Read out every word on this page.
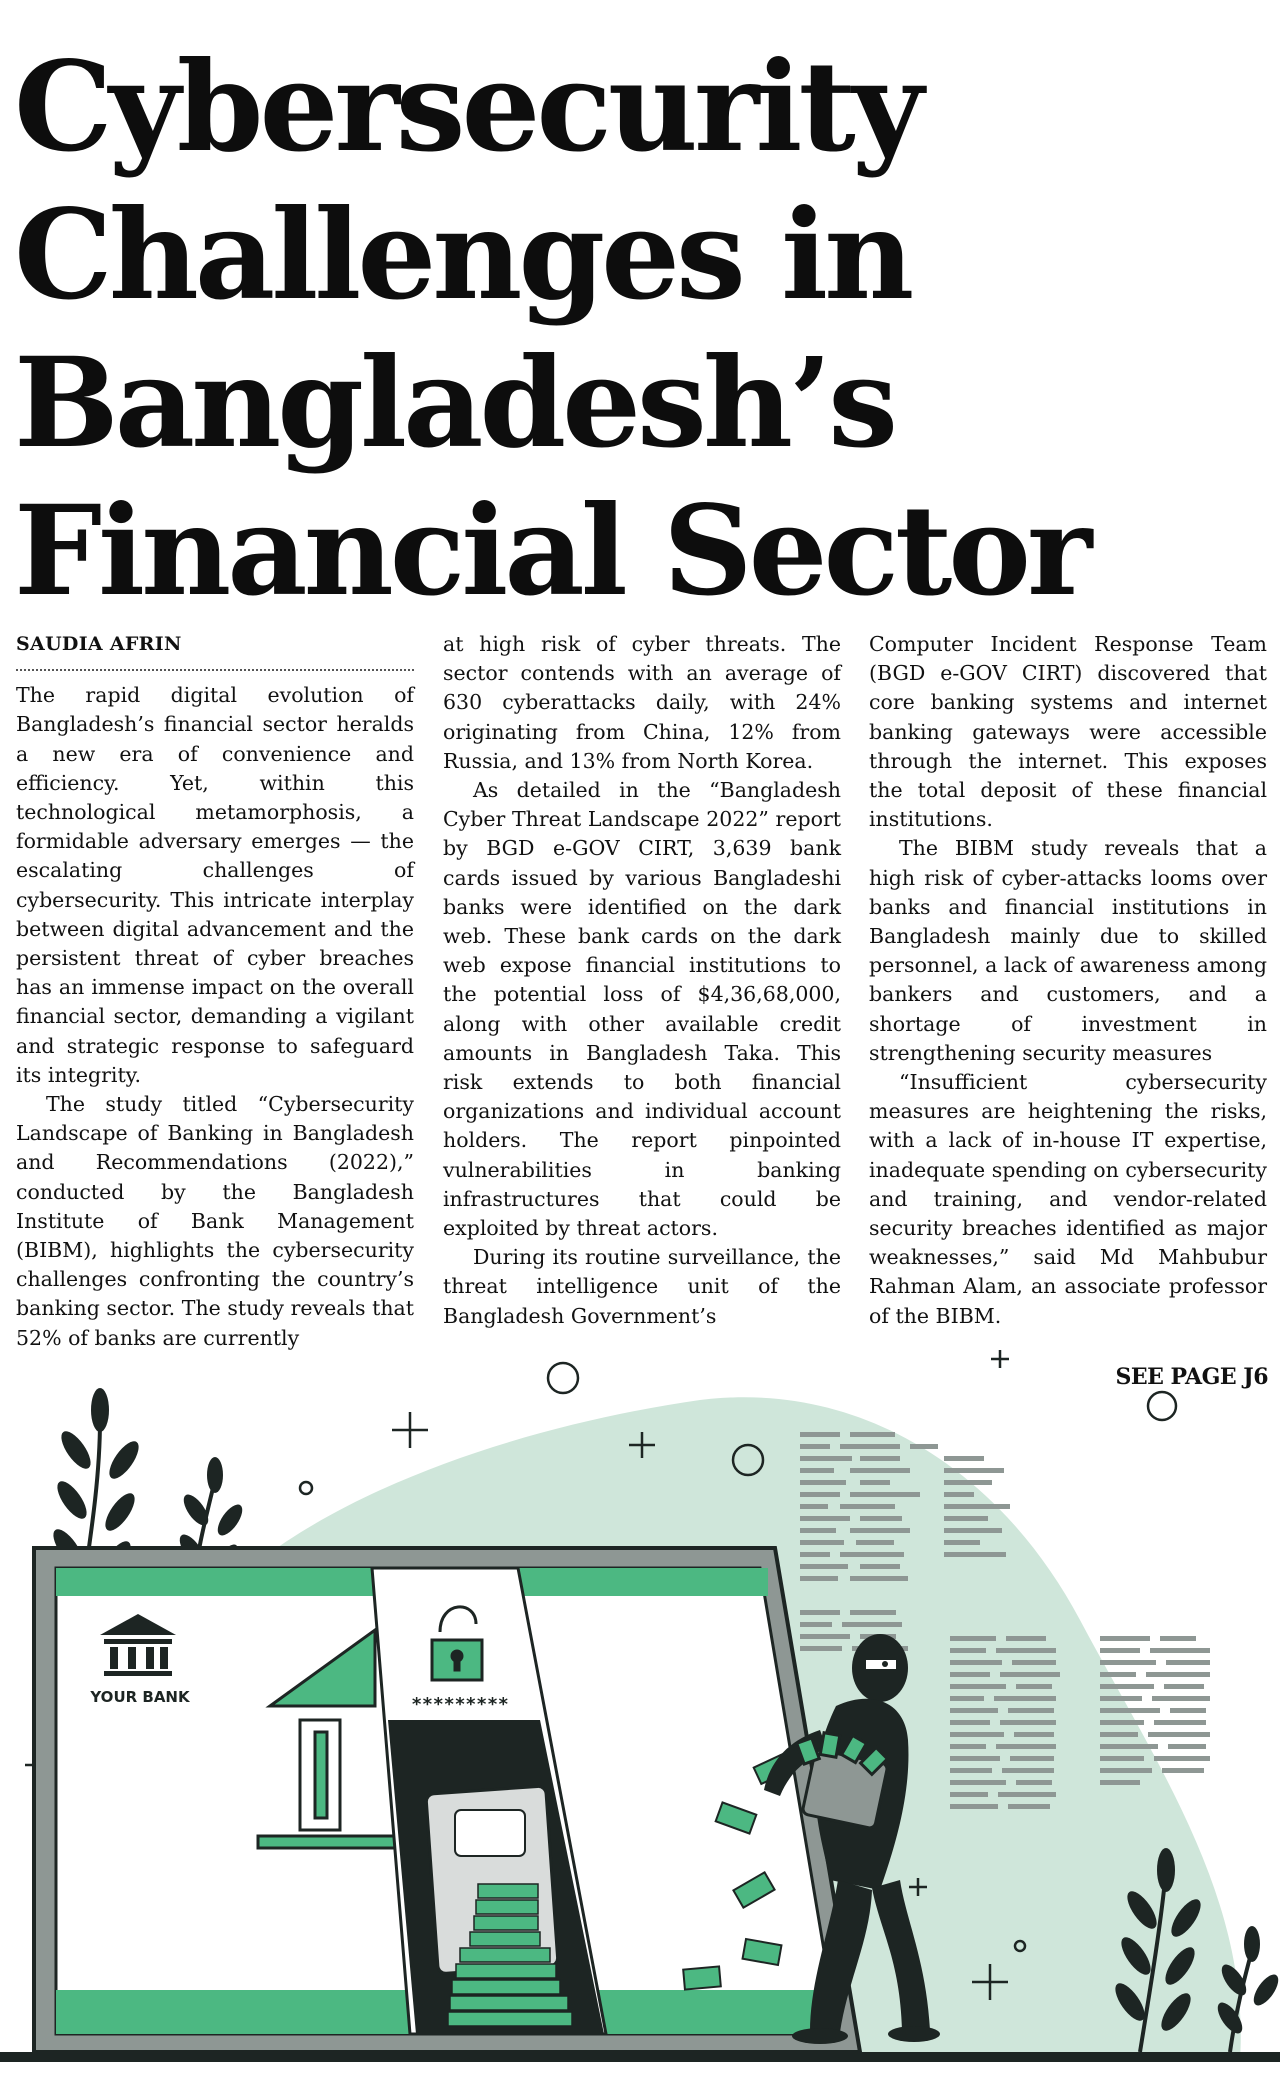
Cybersecurity Challenges in Bangladesh’s Financial Sector
SAUDIA AFRIN

The rapid digital evolution of Bangladesh’s financial sector heralds a new era of convenience and efficiency. Yet, within this technological metamorphosis, a formidable adversary emerges — the escalating challenges of cybersecurity. This intricate interplay between digital advancement and the persistent threat of cyber breaches has an immense impact on the overall financial sector, demanding a vigilant and strategic response to safeguard its integrity.

The study titled “Cybersecurity Landscape of Banking in Bangladesh and Recommendations (2022),” conducted by the Bangladesh Institute of Bank Management (BIBM), highlights the cybersecurity challenges confronting the country’s banking sector. The study reveals that 52% of banks are currently

at high risk of cyber threats. The sector contends with an average of 630 cyberattacks daily, with 24% originating from China, 12% from Russia, and 13% from North Korea.

As detailed in the “Bangladesh Cyber Threat Landscape 2022” report by BGD e-GOV CIRT, 3,639 bank cards issued by various Bangladeshi banks were identified on the dark web. These bank cards on the dark web expose financial institutions to the potential loss of $4,36,68,000, along with other available credit amounts in Bangladesh Taka. This risk extends to both financial organizations and individual account holders. The report pinpointed vulnerabilities in banking infrastructures that could be exploited by threat actors.

During its routine surveillance, the threat intelligence unit of the Bangladesh Government’s

Computer Incident Response Team (BGD e-GOV CIRT) discovered that core banking systems and internet banking gateways were accessible through the internet. This exposes the total deposit of these financial institutions.

The BIBM study reveals that a high risk of cyber-attacks looms over banks and financial institutions in Bangladesh mainly due to skilled personnel, a lack of awareness among bankers and customers, and a shortage of investment in strengthening security measures

“Insufficient cybersecurity measures are heightening the risks, with a lack of in-house IT expertise, inadequate spending on cybersecurity and training, and vendor-related security breaches identified as major weaknesses,” said Md Mahbubur Rahman Alam, an associate professor of the BIBM.

SEE PAGE J6
YOUR BANK	*********
